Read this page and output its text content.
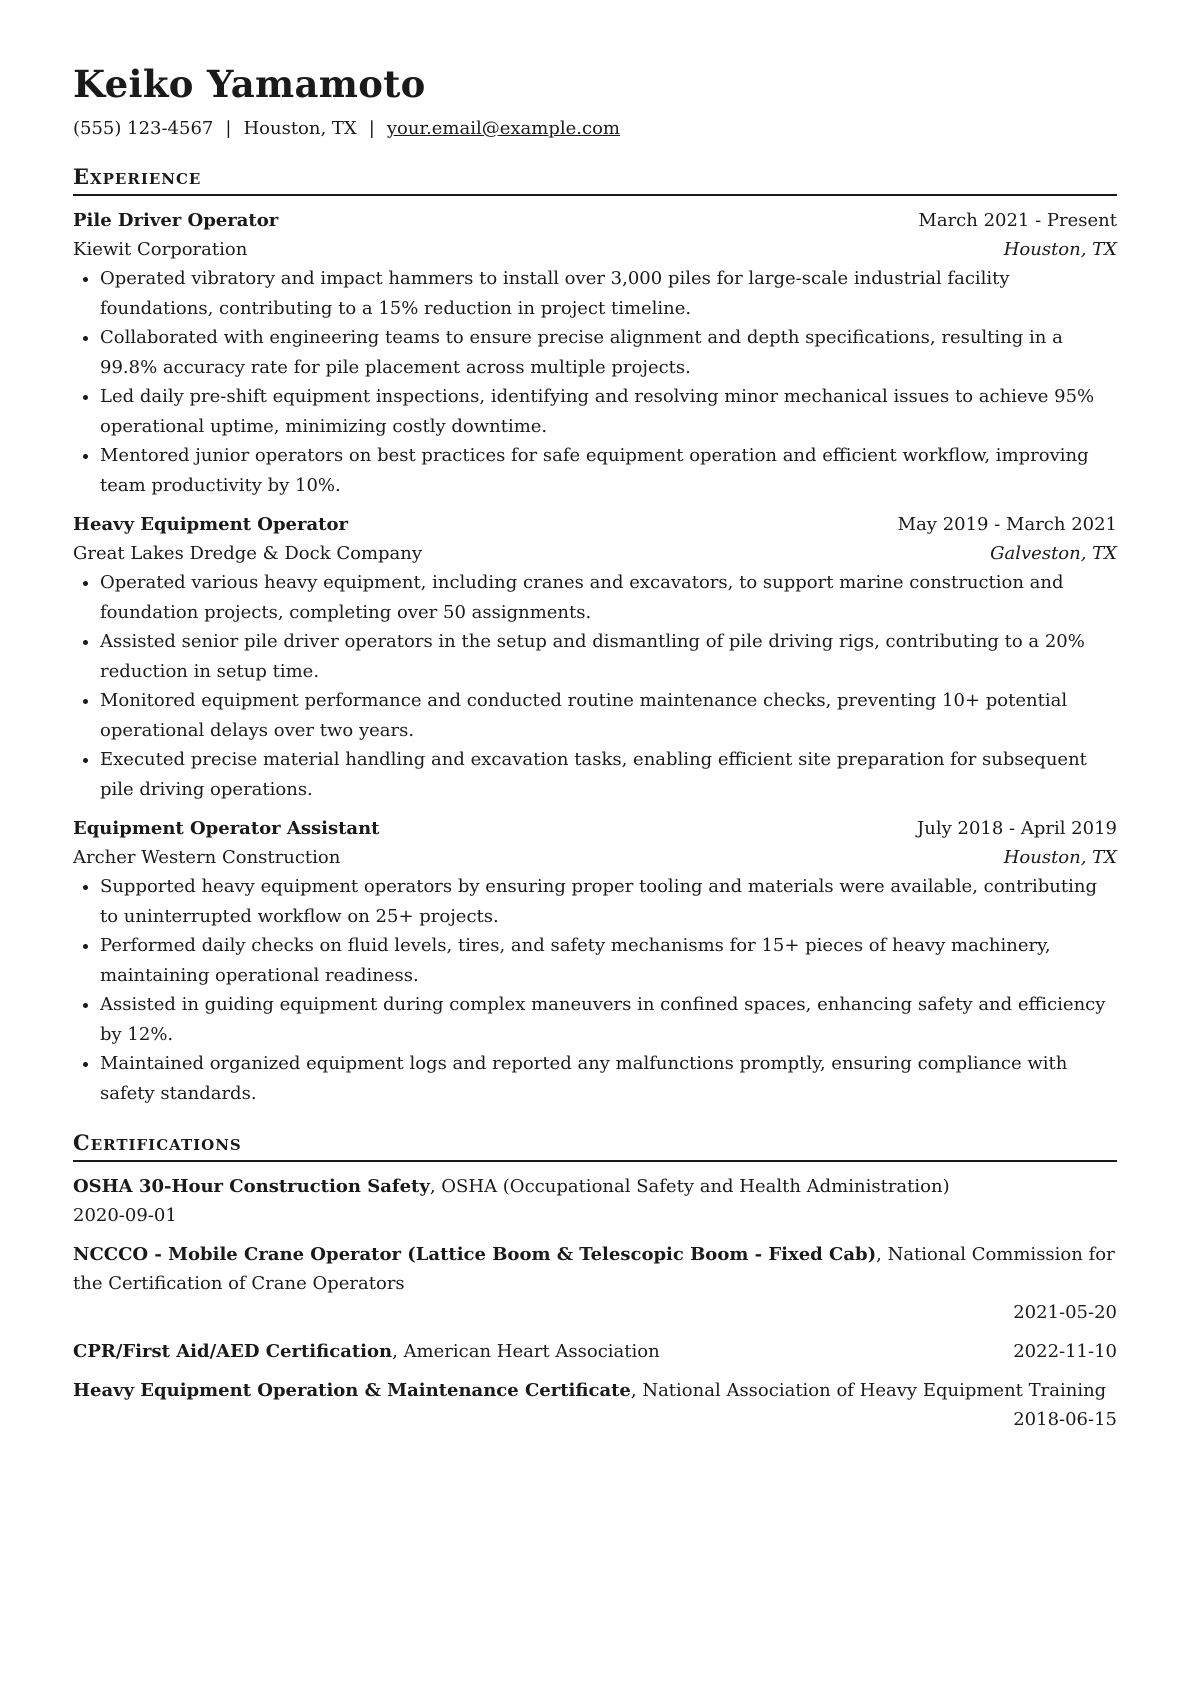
Keiko Yamamoto
(555) 123-4567 | Houston, TX | your.email@example.com
Experience
Pile Driver Operator	March 2021 - Present
Kiewit Corporation	Houston, TX
• Operated vibratory and impact hammers to install over 3,000 piles for large-scale industrial facility foundations, contributing to a 15% reduction in project timeline.
• Collaborated with engineering teams to ensure precise alignment and depth specifications, resulting in a 99.8% accuracy rate for pile placement across multiple projects.
• Led daily pre-shift equipment inspections, identifying and resolving minor mechanical issues to achieve 95% operational uptime, minimizing costly downtime.
• Mentored junior operators on best practices for safe equipment operation and efficient workflow, improving team productivity by 10%.
Heavy Equipment Operator	May 2019 - March 2021
Great Lakes Dredge & Dock Company	Galveston, TX
• Operated various heavy equipment, including cranes and excavators, to support marine construction and foundation projects, completing over 50 assignments.
• Assisted senior pile driver operators in the setup and dismantling of pile driving rigs, contributing to a 20% reduction in setup time.
• Monitored equipment performance and conducted routine maintenance checks, preventing 10+ potential operational delays over two years.
• Executed precise material handling and excavation tasks, enabling efficient site preparation for subsequent pile driving operations.
Equipment Operator Assistant	July 2018 - April 2019
Archer Western Construction	Houston, TX
• Supported heavy equipment operators by ensuring proper tooling and materials were available, contributing to uninterrupted workflow on 25+ projects.
• Performed daily checks on fluid levels, tires, and safety mechanisms for 15+ pieces of heavy machinery, maintaining operational readiness.
• Assisted in guiding equipment during complex maneuvers in confined spaces, enhancing safety and efficiency by 12%.
• Maintained organized equipment logs and reported any malfunctions promptly, ensuring compliance with safety standards.
Certifications
OSHA 30-Hour Construction Safety, OSHA (Occupational Safety and Health Administration)
2020-09-01
NCCCO - Mobile Crane Operator (Lattice Boom & Telescopic Boom - Fixed Cab), National Commission for the Certification of Crane Operators
2021-05-20
CPR/First Aid/AED Certification, American Heart Association	2022-11-10
Heavy Equipment Operation & Maintenance Certificate, National Association of Heavy Equipment Training
2018-06-15
